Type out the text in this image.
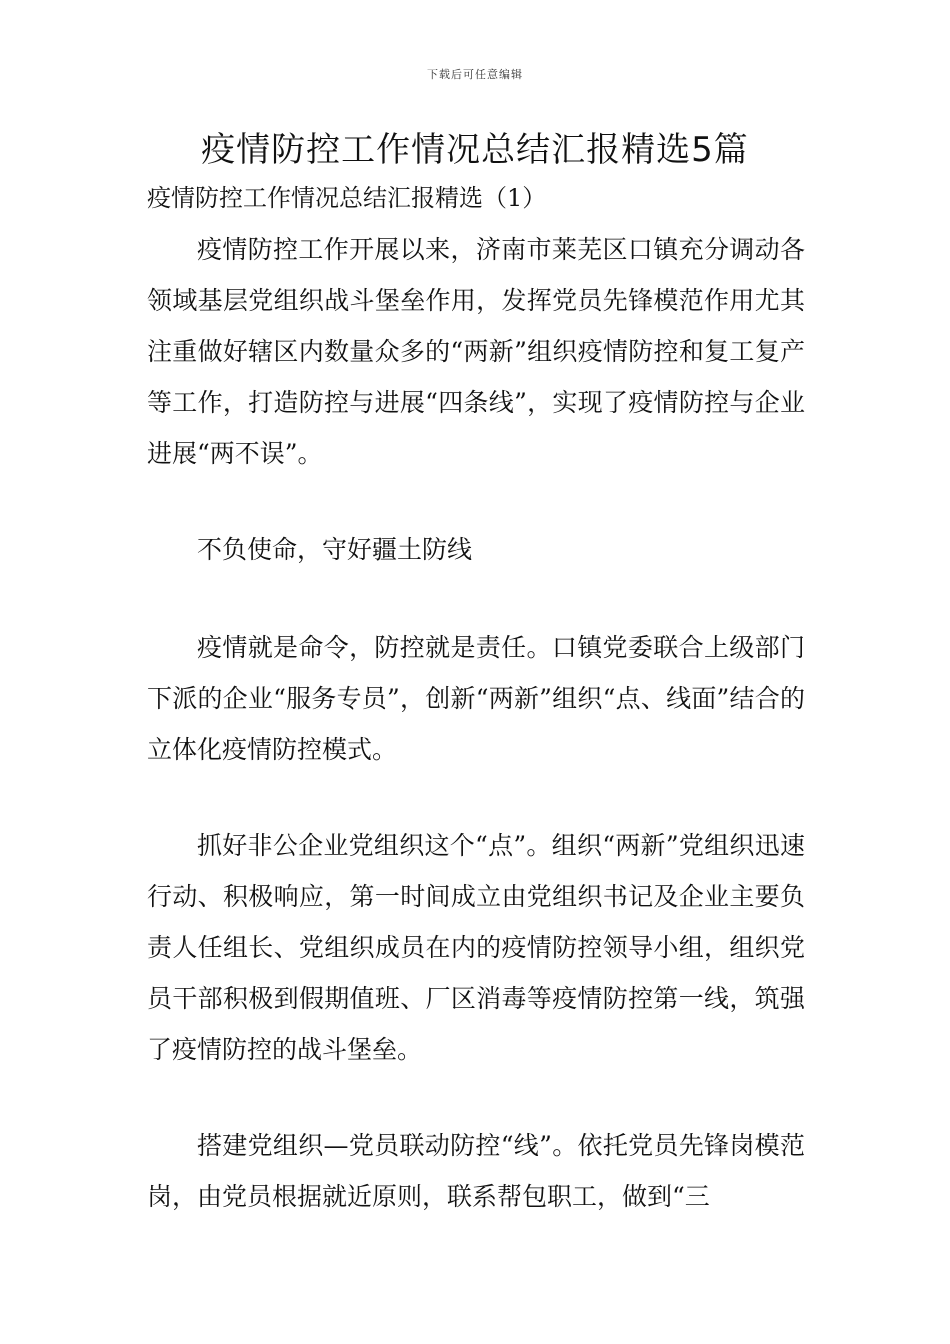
下载后可任意编辑
疫情防控工作情况总结汇报精选5篇
疫情防控工作情况总结汇报精选（1）

疫情防控工作开展以来，济南市莱芜区口镇充分调动各领域基层党组织战斗堡垒作用，发挥党员先锋模范作用尤其注重做好辖区内数量众多的“两新”组织疫情防控和复工复产等工作，打造防控与进展“四条线”，实现了疫情防控与企业进展“两不误”。

不负使命，守好疆土防线

疫情就是命令，防控就是责任。口镇党委联合上级部门下派的企业“服务专员”，创新“两新”组织“点、线面”结合的立体化疫情防控模式。

抓好非公企业党组织这个“点”。组织“两新”党组织迅速行动、积极响应，第一时间成立由党组织书记及企业主要负责人任组长、党组织成员在内的疫情防控领导小组，组织党员干部积极到假期值班、厂区消毒等疫情防控第一线，筑强了疫情防控的战斗堡垒。

搭建党组织—党员联动防控“线”。依托党员先锋岗模范岗，由党员根据就近原则，联系帮包职工，做到“三
